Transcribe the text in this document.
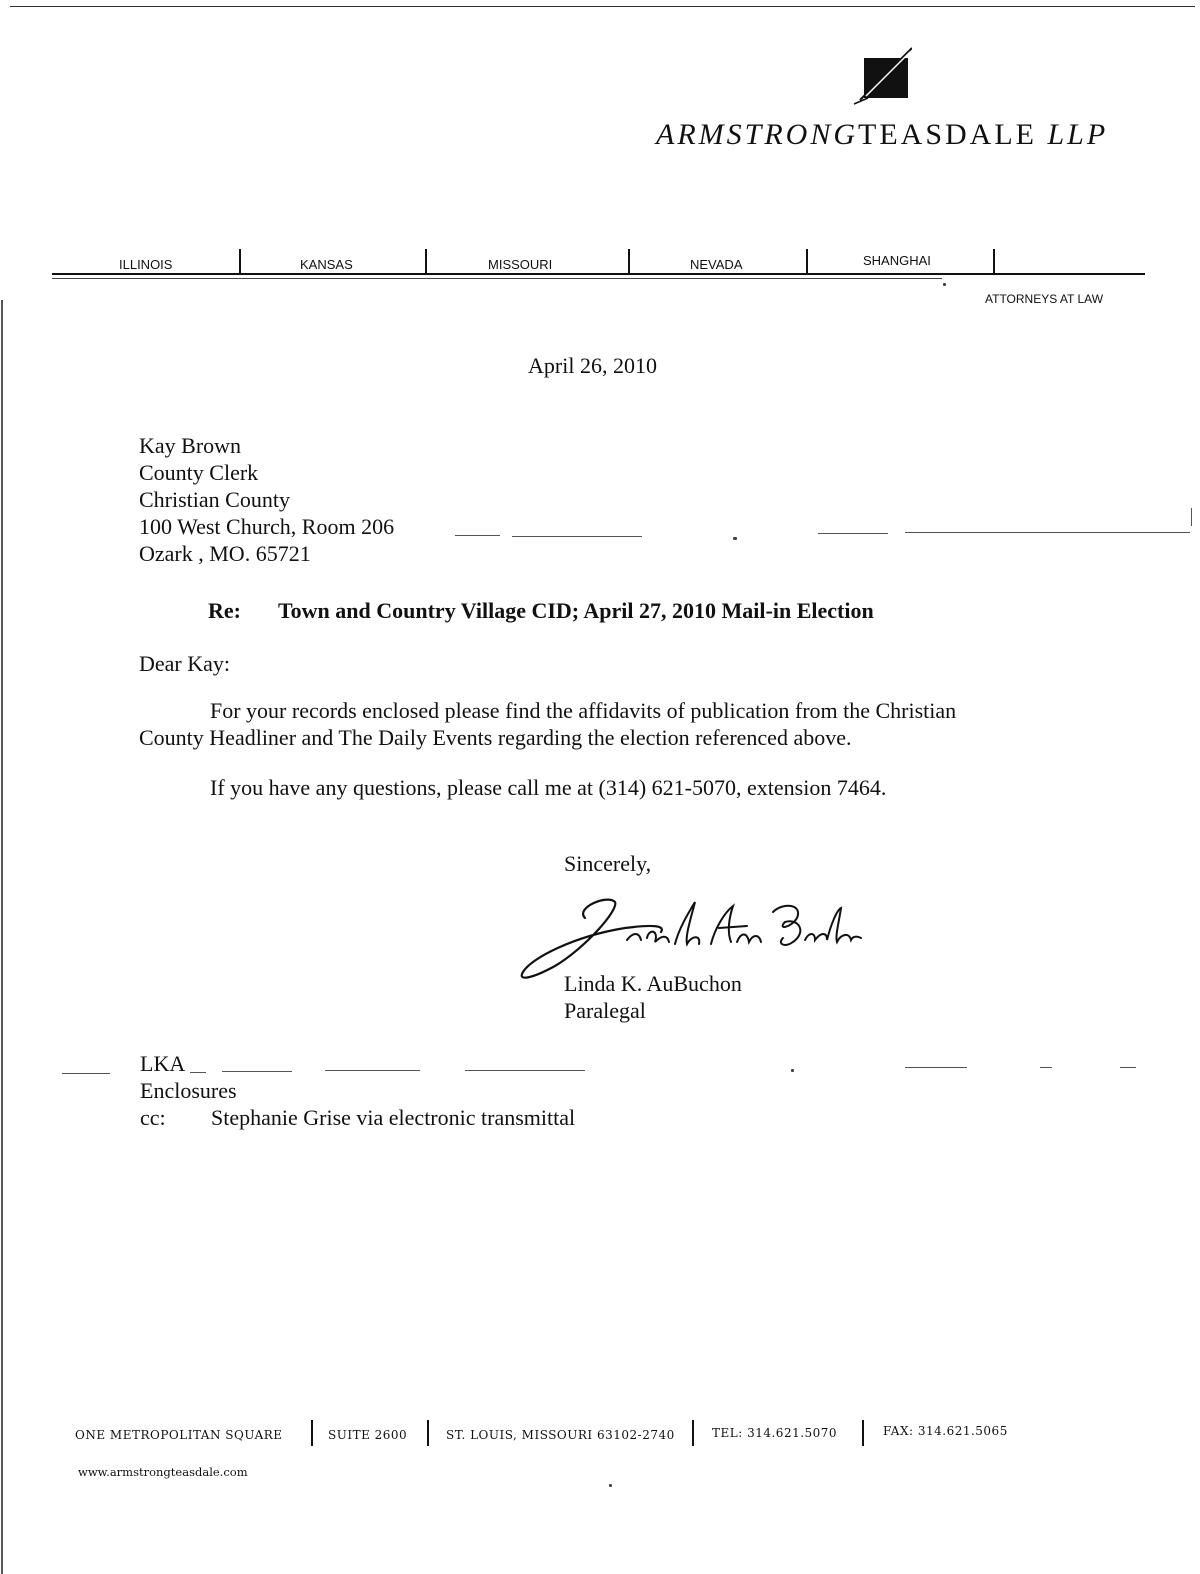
ARMSTRONGTEASDALE LLP
ILLINOIS	KANSAS	MISSOURI	NEVADA	SHANGHAI
ATTORNEYS AT LAW
April 26, 2010
Kay Brown
County Clerk
Christian County
100 West Church, Room 206
Ozark , MO. 65721
Re: Town and Country Village CID; April 27, 2010 Mail-in Election
Dear Kay:
For your records enclosed please find the affidavits of publication from the Christian
County Headliner and The Daily Events regarding the election referenced above.
If you have any questions, please call me at (314) 621-5070, extension 7464.
Sincerely,
Linda K. AuBuchon
Paralegal
LKA
Enclosures
cc: Stephanie Grise via electronic transmittal
ONE METROPOLITAN SQUARE	SUITE 2600	ST. LOUIS, MISSOURI 63102-2740	TEL: 314.621.5070	FAX: 314.621.5065
www.armstrongteasdale.com
